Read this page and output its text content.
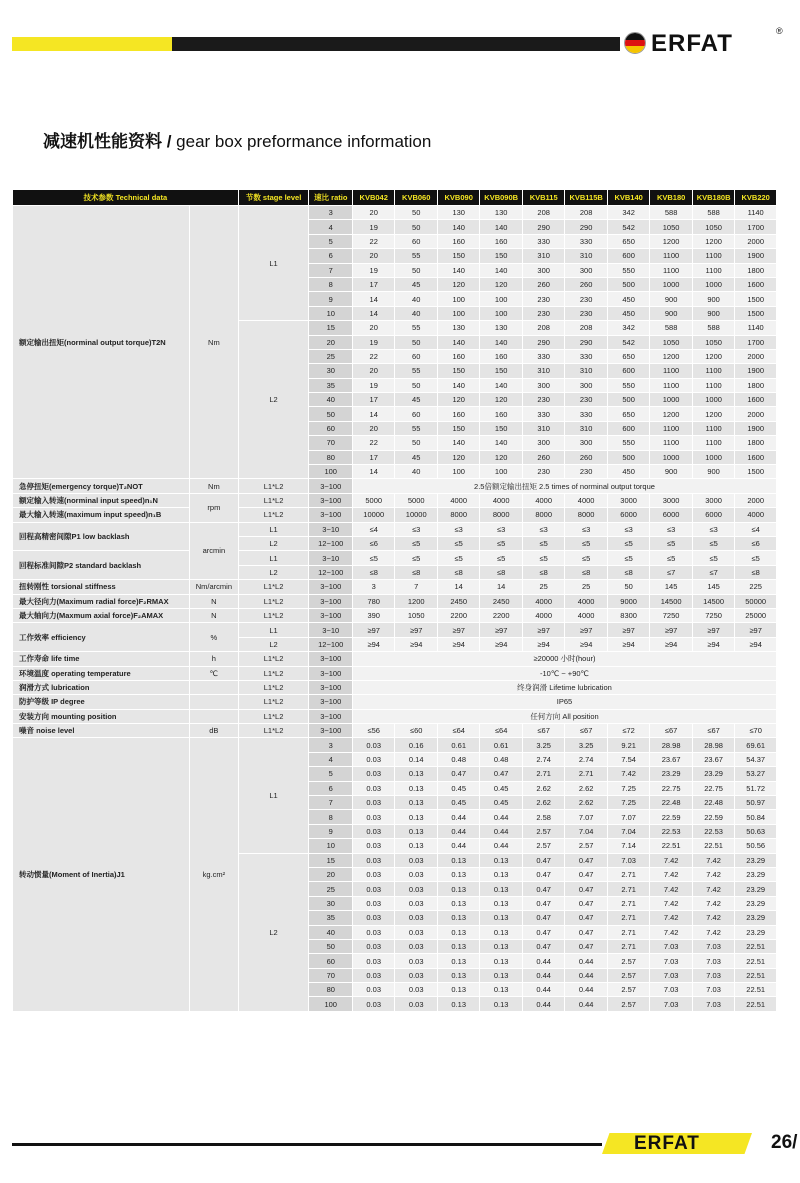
ERFAT	®
减速机性能资料 / gear box preformance information
技术参数 Technical data		节数 stage level	速比 ratio	KVB042	KVB060	KVB090	KVB090B	KVB115	KVB115B	KVB140	KVB180	KVB180B	KVB220
额定输出扭矩(norminal output torque)T2N	Nm	L1	3	20	50	130	130	208	208	342	588	588	1140
			4	19	50	140	140	290	290	542	1050	1050	1700
			5	22	60	160	160	330	330	650	1200	1200	2000
			6	20	55	150	150	310	310	600	1100	1100	1900
			7	19	50	140	140	300	300	550	1100	1100	1800
			8	17	45	120	120	260	260	500	1000	1000	1600
			9	14	40	100	100	230	230	450	900	900	1500
			10	14	40	100	100	230	230	450	900	900	1500
		L2	15	20	55	130	130	208	208	342	588	588	1140
			20	19	50	140	140	290	290	542	1050	1050	1700
			25	22	60	160	160	330	330	650	1200	1200	2000
			30	20	55	150	150	310	310	600	1100	1100	1900
			35	19	50	140	140	300	300	550	1100	1100	1800
			40	17	45	120	120	230	230	500	1000	1000	1600
			50	14	60	160	160	330	330	650	1200	1200	2000
			60	20	55	150	150	310	310	600	1100	1100	1900
			70	22	50	140	140	300	300	550	1100	1100	1800
			80	17	45	120	120	260	260	500	1000	1000	1600
			100	14	40	100	100	230	230	450	900	900	1500
急停扭矩(emergency torque)T₂NOT	Nm	L1*L2	3~100	2.5倍额定输出扭矩 2.5 times of norminal output torque									
额定输入转速(norminal input speed)n₁N	rpm	L1*L2	3~100	5000	5000	4000	4000	4000	4000	3000	3000	3000	2000
最大输入转速(maximum input speed)n₁B		L1*L2	3~100	10000	10000	8000	8000	8000	8000	6000	6000	6000	4000
回程高精密间隙P1 low backlash	arcmin	L1	3~10	≤4	≤3	≤3	≤3	≤3	≤3	≤3	≤3	≤3	≤4
		L2	12~100	≤6	≤5	≤5	≤5	≤5	≤5	≤5	≤5	≤5	≤6
回程标准间隙P2 standard backlash		L1	3~10	≤5	≤5	≤5	≤5	≤5	≤5	≤5	≤5	≤5	≤5
		L2	12~100	≤8	≤8	≤8	≤8	≤8	≤8	≤8	≤7	≤7	≤8
扭转刚性 torsional stiffness	Nm/arcmin	L1*L2	3~100	3	7	14	14	25	25	50	145	145	225
最大径向力(Maximum radial force)F₂RMAX	N	L1*L2	3~100	780	1200	2450	2450	4000	4000	9000	14500	14500	50000
最大轴向力(Maxmum axial force)F₂AMAX	N	L1*L2	3~100	390	1050	2200	2200	4000	4000	8300	7250	7250	25000
工作效率 efficiency	%	L1	3~10	≥97	≥97	≥97	≥97	≥97	≥97	≥97	≥97	≥97	≥97
		L2	12~100	≥94	≥94	≥94	≥94	≥94	≥94	≥94	≥94	≥94	≥94
工作寿命 life time	h	L1*L2	3~100	≥20000 小时(hour)									
环境温度 operating temperature	℃	L1*L2	3~100	-10℃ ~ +90℃									
润滑方式 lubrication		L1*L2	3~100	终身润滑 Lifetime lubrication									
防护等级 IP degree		L1*L2	3~100	IP65									
安装方向 mounting position		L1*L2	3~100	任何方向 All position									
噪音 noise level	dB	L1*L2	3~100	≤56	≤60	≤64	≤64	≤67	≤67	≤72	≤67	≤67	≤70
转动惯量(Moment of Inertia)J1	kg.cm²	L1	3	0.03	0.16	0.61	0.61	3.25	3.25	9.21	28.98	28.98	69.61
			4	0.03	0.14	0.48	0.48	2.74	2.74	7.54	23.67	23.67	54.37
			5	0.03	0.13	0.47	0.47	2.71	2.71	7.42	23.29	23.29	53.27
			6	0.03	0.13	0.45	0.45	2.62	2.62	7.25	22.75	22.75	51.72
			7	0.03	0.13	0.45	0.45	2.62	2.62	7.25	22.48	22.48	50.97
			8	0.03	0.13	0.44	0.44	2.58	7.07	7.07	22.59	22.59	50.84
			9	0.03	0.13	0.44	0.44	2.57	7.04	7.04	22.53	22.53	50.63
			10	0.03	0.13	0.44	0.44	2.57	2.57	7.14	22.51	22.51	50.56
		L2	15	0.03	0.03	0.13	0.13	0.47	0.47	7.03	7.42	7.42	23.29
			20	0.03	0.03	0.13	0.13	0.47	0.47	2.71	7.42	7.42	23.29
			25	0.03	0.03	0.13	0.13	0.47	0.47	2.71	7.42	7.42	23.29
			30	0.03	0.03	0.13	0.13	0.47	0.47	2.71	7.42	7.42	23.29
			35	0.03	0.03	0.13	0.13	0.47	0.47	2.71	7.42	7.42	23.29
			40	0.03	0.03	0.13	0.13	0.47	0.47	2.71	7.42	7.42	23.29
			50	0.03	0.03	0.13	0.13	0.47	0.47	2.71	7.03	7.03	22.51
			60	0.03	0.03	0.13	0.13	0.44	0.44	2.57	7.03	7.03	22.51
			70	0.03	0.03	0.13	0.13	0.44	0.44	2.57	7.03	7.03	22.51
			80	0.03	0.03	0.13	0.13	0.44	0.44	2.57	7.03	7.03	22.51
			100	0.03	0.03	0.13	0.13	0.44	0.44	2.57	7.03	7.03	22.51
ERFAT	26/
